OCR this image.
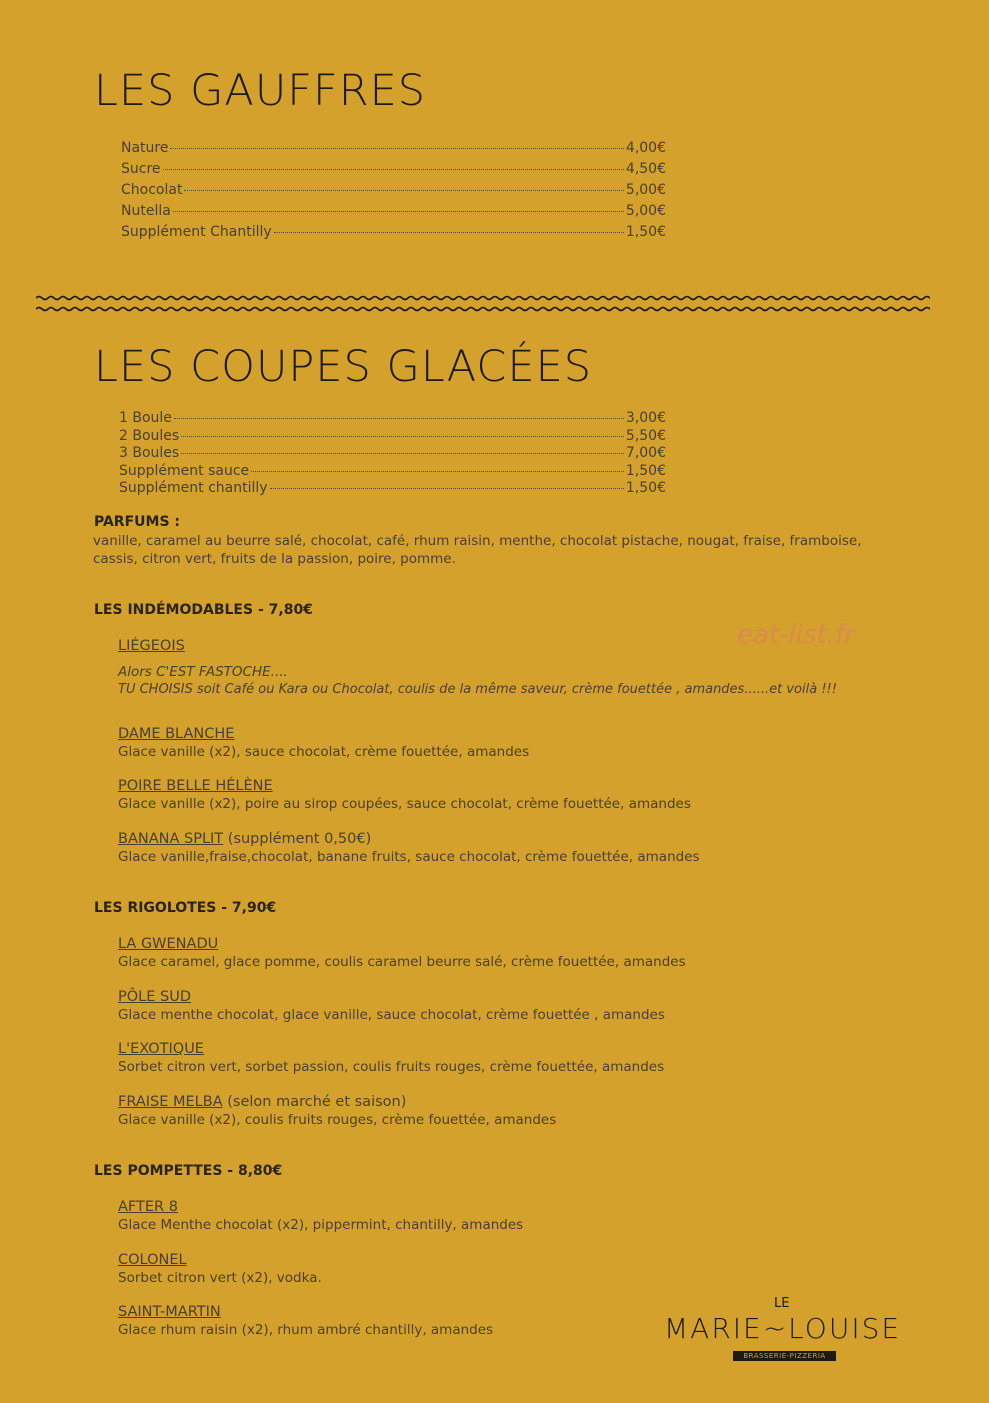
LES GAUFFRES
Nature	4,00€
Sucre	4,50€
Chocolat	5,00€
Nutella	5,00€
Supplément Chantilly	1,50€
LES COUPES GLACÉES
1 Boule	3,00€
2 Boules	5,50€
3 Boules	7,00€
Supplément sauce	1,50€
Supplément chantilly	1,50€

PARFUMS :

vanille, caramel au beurre salé, chocolat, café, rhum raisin, menthe, chocolat pistache, nougat, fraise, framboise, cassis, citron vert, fruits de la passion, poire, pomme.

LES INDÉMODABLES - 7,80€

LIÉGEOIS

Alors C'EST FASTOCHE....

TU CHOISIS soit Café ou Kara ou Chocolat, coulis de la même saveur, crème fouettée , amandes......et voilà !!!

DAME BLANCHE

Glace vanille (x2), sauce chocolat, crème fouettée, amandes

POIRE BELLE HÉLÈNE

Glace vanille (x2), poire au sirop coupées, sauce chocolat, crème fouettée, amandes

BANANA SPLIT (supplément 0,50€)

Glace vanille,fraise,chocolat, banane fruits, sauce chocolat, crème fouettée, amandes

eat-list.fr

LES RIGOLOTES - 7,90€

LA GWENADU

Glace caramel, glace pomme, coulis caramel beurre salé, crème fouettée, amandes

PÔLE SUD

Glace menthe chocolat, glace vanille, sauce chocolat, crème fouettée , amandes

L'EXOTIQUE

Sorbet citron vert, sorbet passion, coulis fruits rouges, crème fouettée, amandes

FRAISE MELBA (selon marché et saison)

Glace vanille (x2), coulis fruits rouges, crème fouettée, amandes

LES POMPETTES - 8,80€

AFTER 8

Glace Menthe chocolat (x2), pippermint, chantilly, amandes

COLONEL

Sorbet citron vert (x2), vodka.

SAINT-MARTIN

Glace rhum raisin (x2), rhum ambré chantilly, amandes

LE

MARIE~LOUISE

BRASSERIE-PIZZERIA
